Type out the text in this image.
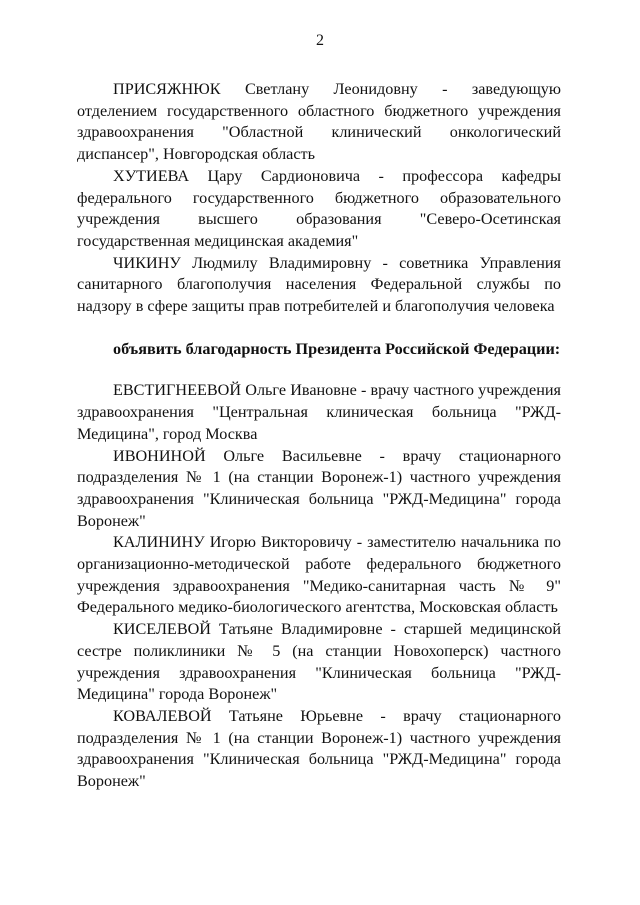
2

ПРИСЯЖНЮК Светлану Леонидовну - заведующую отделением государственного областного бюджетного учреждения здравоохранения "Областной клинический онкологический диспансер", Новгородская область

ХУТИЕВА Цару Сардионовича - профессора кафедры федерального государственного бюджетного образовательного учреждения высшего образования "Северо-Осетинская государственная медицинская академия"

ЧИКИНУ Людмилу Владимировну - советника Управления санитарного благополучия населения Федеральной службы по надзору в сфере защиты прав потребителей и благополучия человека

объявить благодарность Президента Российской Федерации:

ЕВСТИГНЕЕВОЙ Ольге Ивановне - врачу частного учреждения здравоохранения "Центральная клиническая больница "РЖД-Медицина", город Москва

ИВОНИНОЙ Ольге Васильевне - врачу стационарного подразделения № 1 (на станции Воронеж-1) частного учреждения здравоохранения "Клиническая больница "РЖД-Медицина" города Воронеж"

КАЛИНИНУ Игорю Викторовичу - заместителю начальника по организационно-методической работе федерального бюджетного учреждения здравоохранения "Медико-санитарная часть № 9" Федерального медико-биологического агентства, Московская область

КИСЕЛЕВОЙ Татьяне Владимировне - старшей медицинской сестре поликлиники № 5 (на станции Новохоперск) частного учреждения здравоохранения "Клиническая больница "РЖД-Медицина" города Воронеж"

КОВАЛЕВОЙ Татьяне Юрьевне - врачу стационарного подразделения № 1 (на станции Воронеж-1) частного учреждения здравоохранения "Клиническая больница "РЖД-Медицина" города Воронеж"
